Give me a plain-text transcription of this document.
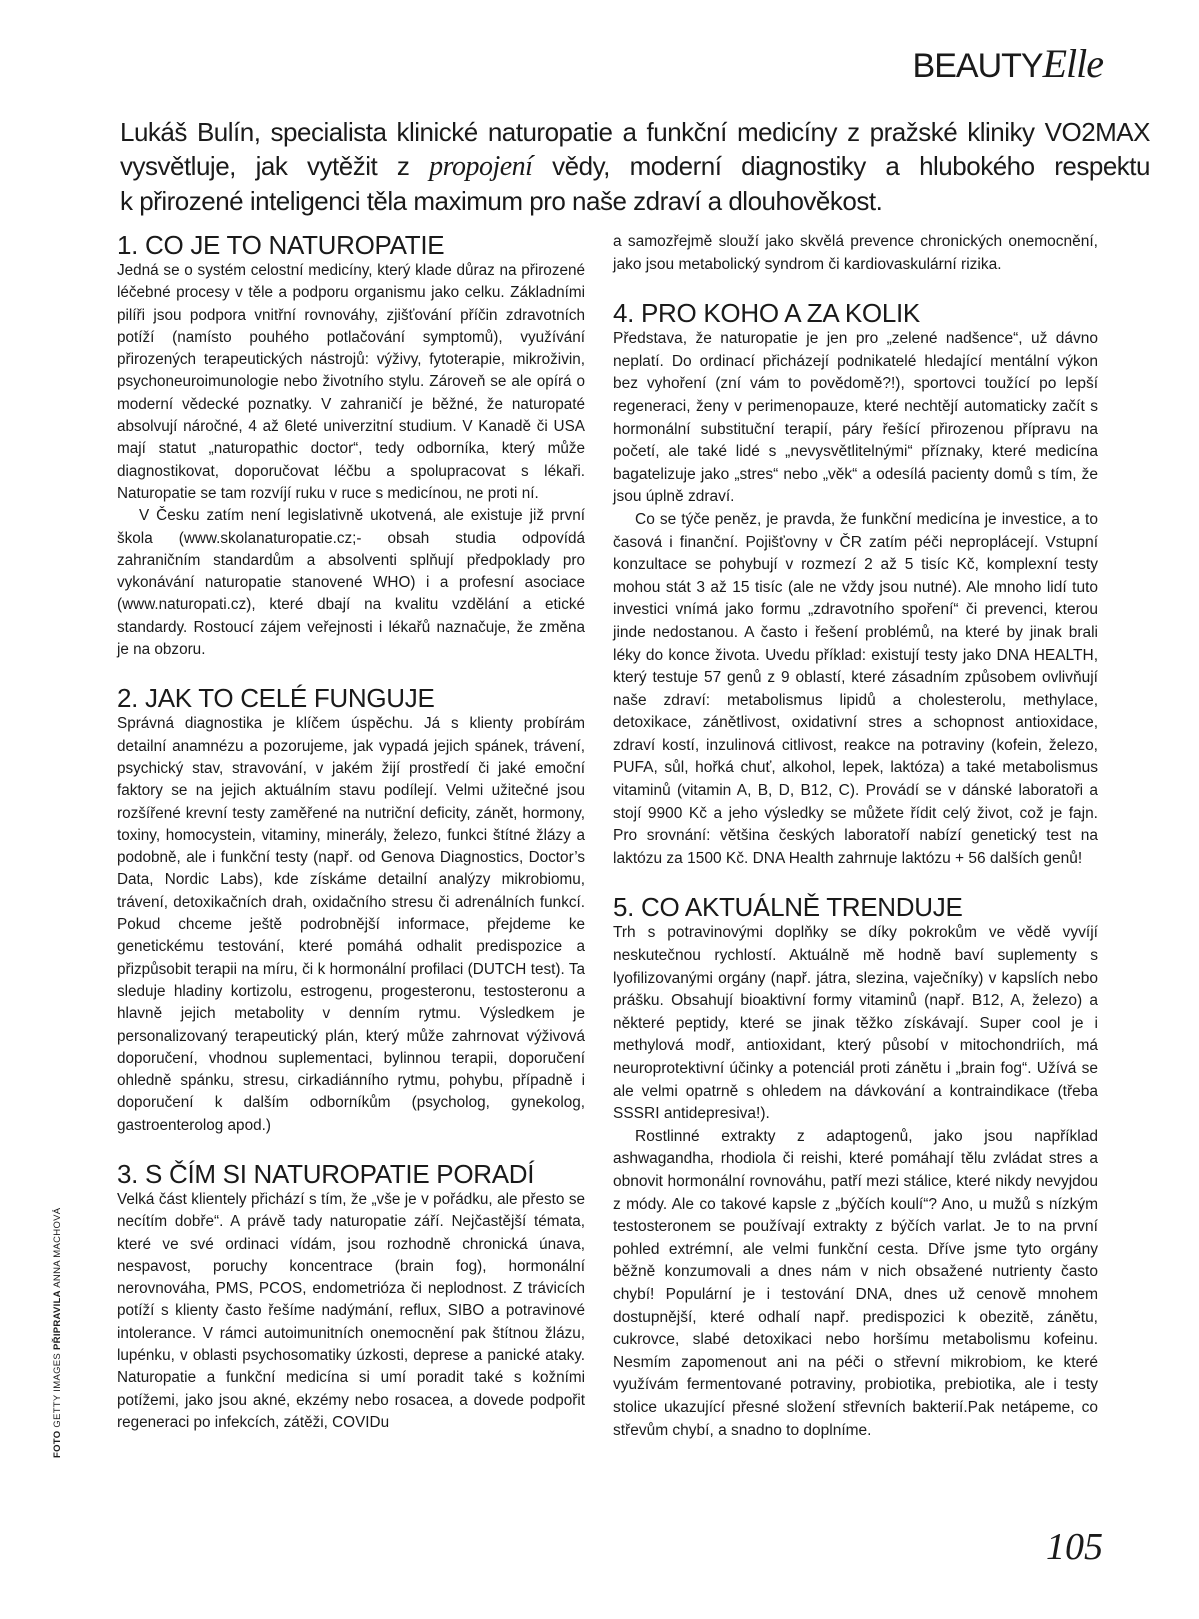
BEAUTYElle
Lukáš Bulín, specialista klinické naturopatie a funkční medicíny z pražské kliniky VO2MAX
vysvětluje, jak vytěžit z propojení vědy, moderní diagnostiky a hlubokého respektu
k přirozené inteligenci těla maximum pro naše zdraví a dlouhověkost.
1. CO JE TO NATUROPATIE

Jedná se o systém celostní medicíny, který klade důraz na přirozené léčebné procesy v těle a podporu organismu jako celku. Základními pilíři jsou podpora vnitřní rovnováhy, zjišťování příčin zdravotních potíží (namísto pouhého potlačování symptomů), využívání přirozených terapeutických nástrojů: výživy, fytoterapie, mikroživin, psychoneuroimunologie nebo životního stylu. Zároveň se ale opírá o moderní vědecké poznatky. V zahraničí je běžné, že naturopaté absolvují náročné, 4 až 6leté univerzitní studium. V Kanadě či USA mají statut „naturopathic doctor“, tedy odborníka, který může diagnostikovat, doporučovat léčbu a spolupracovat s lékaři. Naturopatie se tam rozvíjí ruku v ruce s medicínou, ne proti ní.

V Česku zatím není legislativně ukotvená, ale existuje již první škola (www.skolanaturopatie.cz;- obsah studia odpovídá zahraničním standardům a absolventi splňují předpoklady pro vykonávání naturopatie stanovené WHO) i a profesní asociace (www.naturopati.cz), které dbají na kvalitu vzdělání a etické standardy. Rostoucí zájem veřejnosti i lékařů naznačuje, že změna je na obzoru.

2. JAK TO CELÉ FUNGUJE

Správná diagnostika je klíčem úspěchu. Já s klienty probírám detailní anamnézu a pozorujeme, jak vypadá jejich spánek, trávení, psychický stav, stravování, v jakém žijí prostředí či jaké emoční faktory se na jejich aktuálním stavu podílejí. Velmi užitečné jsou rozšířené krevní testy zaměřené na nutriční deficity, zánět, hormony, toxiny, homocystein, vitaminy, minerály, železo, funkci štítné žlázy a podobně, ale i funkční testy (např. od Genova Diagnostics, Doctor’s Data, Nordic Labs), kde získáme detailní analýzy mikrobiomu, trávení, detoxikačních drah, oxidačního stresu či adrenálních funkcí. Pokud chceme ještě podrobnější informace, přejdeme ke genetickému testování, které pomáhá odhalit predispozice a přizpůsobit terapii na míru, či k hormonální profilaci (DUTCH test). Ta sleduje hladiny kortizolu, estrogenu, progesteronu, testosteronu a hlavně jejich metabolity v denním rytmu. Výsledkem je personalizovaný terapeutický plán, který může zahrnovat výživová doporučení, vhodnou suplementaci, bylinnou terapii, doporučení ohledně spánku, stresu, cirkadiánního rytmu, pohybu, případně i doporučení k dalším odborníkům (psycholog, gynekolog, gastroenterolog apod.)

3. S ČÍM SI NATUROPATIE PORADÍ

Velká část klientely přichází s tím, že „vše je v pořádku, ale přesto se necítím dobře“. A právě tady naturopatie září. Nejčastější témata, které ve své ordinaci vídám, jsou rozhodně chronická únava, nespavost, poruchy koncentrace (brain fog), hormonální nerovnováha, PMS, PCOS, endometrióza či neplodnost. Z trávicích potíží s klienty často řešíme nadýmání, reflux, SIBO a potravinové intolerance. V rámci autoimunitních onemocnění pak štítnou žlázu, lupénku, v oblasti psychosomatiky úzkosti, deprese a panické ataky. Naturopatie a funkční medicína si umí poradit také s kožními potížemi, jako jsou akné, ekzémy nebo rosacea, a dovede podpořit regeneraci po infekcích, zátěži, COVIDu

a samozřejmě slouží jako skvělá prevence chronických onemocnění, jako jsou metabolický syndrom či kardiovaskulární rizika.

4. PRO KOHO A ZA KOLIK

Představa, že naturopatie je jen pro „zelené nadšence“, už dávno neplatí. Do ordinací přicházejí podnikatelé hledající mentální výkon bez vyhoření (zní vám to povědomě?!), sportovci toužící po lepší regeneraci, ženy v perimenopauze, které nechtějí automaticky začít s hormonální substituční terapií, páry řešící přirozenou přípravu na početí, ale také lidé s „nevysvětlitelnými“ příznaky, které medicína bagatelizuje jako „stres“ nebo „věk“ a odesílá pacienty domů s tím, že jsou úplně zdraví.

Co se týče peněz, je pravda, že funkční medicína je investice, a to časová i finanční. Pojišťovny v ČR zatím péči neproplácejí. Vstupní konzultace se pohybují v rozmezí 2 až 5 tisíc Kč, komplexní testy mohou stát 3 až 15 tisíc (ale ne vždy jsou nutné). Ale mnoho lidí tuto investici vnímá jako formu „zdravotního spoření“ či prevenci, kterou jinde nedostanou. A často i řešení problémů, na které by jinak brali léky do konce života. Uvedu příklad: existují testy jako DNA HEALTH, který testuje 57 genů z 9 oblastí, které zásadním způsobem ovlivňují naše zdraví: metabolismus lipidů a cholesterolu, methylace, detoxikace, zánětlivost, oxidativní stres a schopnost antioxidace, zdraví kostí, inzulinová citlivost, reakce na potraviny (kofein, železo, PUFA, sůl, hořká chuť, alkohol, lepek, laktóza) a také metabolismus vitaminů (vitamin A, B, D, B12, C). Provádí se v dánské laboratoři a stojí 9900 Kč a jeho výsledky se můžete řídit celý život, což je fajn. Pro srovnání: většina českých laboratoří nabízí genetický test na laktózu za 1500 Kč. DNA Health zahrnuje laktózu + 56 dalších genů!

5. CO AKTUÁLNĚ TRENDUJE

Trh s potravinovými doplňky se díky pokrokům ve vědě vyvíjí neskutečnou rychlostí. Aktuálně mě hodně baví suplementy s lyofilizovanými orgány (např. játra, slezina, vaječníky) v kapslích nebo prášku. Obsahují bioaktivní formy vitaminů (např. B12, A, železo) a některé peptidy, které se jinak těžko získávají. Super cool je i methylová modř, antioxidant, který působí v mitochondriích, má neuroprotektivní účinky a potenciál proti zánětu i „brain fog“. Užívá se ale velmi opatrně s ohledem na dávkování a kontraindikace (třeba SSSRI antidepresiva!).

Rostlinné extrakty z adaptogenů, jako jsou například ashwagandha, rhodiola či reishi, které pomáhají tělu zvládat stres a obnovit hormonální rovnováhu, patří mezi stálice, které nikdy nevyjdou z módy. Ale co takové kapsle z „býčích koulí“? Ano, u mužů s nízkým testosteronem se používají extrakty z býčích varlat. Je to na první pohled extrémní, ale velmi funkční cesta. Dříve jsme tyto orgány běžně konzumovali a dnes nám v nich obsažené nutrienty často chybí! Populární je i testování DNA, dnes už cenově mnohem dostupnější, které odhalí např. predispozici k obezitě, zánětu, cukrovce, slabé detoxikaci nebo horšímu metabolismu kofeinu. Nesmím zapomenout ani na péči o střevní mikrobiom, ke které využívám fermentované potraviny, probiotika, prebiotika, ale i testy stolice ukazující přesné složení střevních bakterií.Pak netápeme, co střevům chybí, a snadno to doplníme.

FOTO GETTY IMAGES PŘIPRAVILA ANNA MACHOVÁ
105
